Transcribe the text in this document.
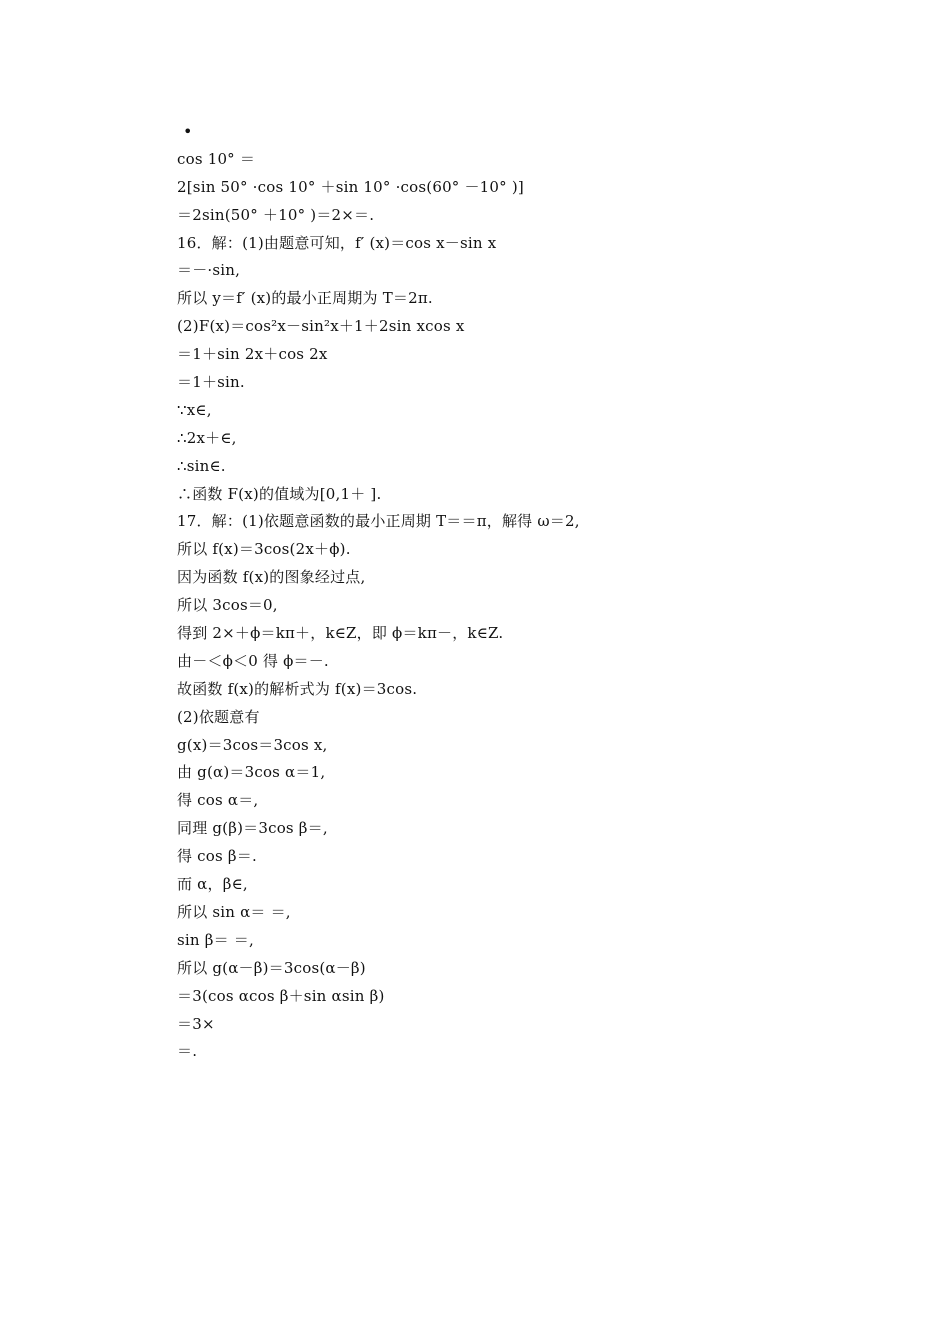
•
cos 10° ＝
2[sin 50° ·cos 10° ＋sin 10° ·cos(60° －10° )]
＝2sin(50° ＋10° )＝2×＝.
16．解：(1)由题意可知，f′ (x)＝cos x－sin x
＝－·sin,
所以 y＝f′ (x)的最小正周期为 T＝2π.
(2)F(x)＝cos²x－sin²x＋1＋2sin xcos x
＝1＋sin 2x＋cos 2x
＝1＋sin.
∵x∈,
∴2x＋∈,
∴sin∈.
∴函数 F(x)的值域为[0,1＋ ].
17．解：(1)依题意函数的最小正周期 T＝＝π，解得 ω＝2,
所以 f(x)＝3cos(2x＋ϕ).
因为函数 f(x)的图象经过点,
所以 3cos＝0,
得到 2×＋ϕ＝kπ＋，k∈Z，即 ϕ＝kπ－，k∈Z.
由－＜ϕ＜0 得 ϕ＝－.
故函数 f(x)的解析式为 f(x)＝3cos.
(2)依题意有
g(x)＝3cos＝3cos x,
由 g(α)＝3cos α＝1,
得 cos α＝,
同理 g(β)＝3cos β＝,
得 cos β＝.
而 α，β∈,
所以 sin α＝ ＝,
sin β＝ ＝,
所以 g(α－β)＝3cos(α－β)
＝3(cos αcos β＋sin αsin β)
＝3×
＝.
